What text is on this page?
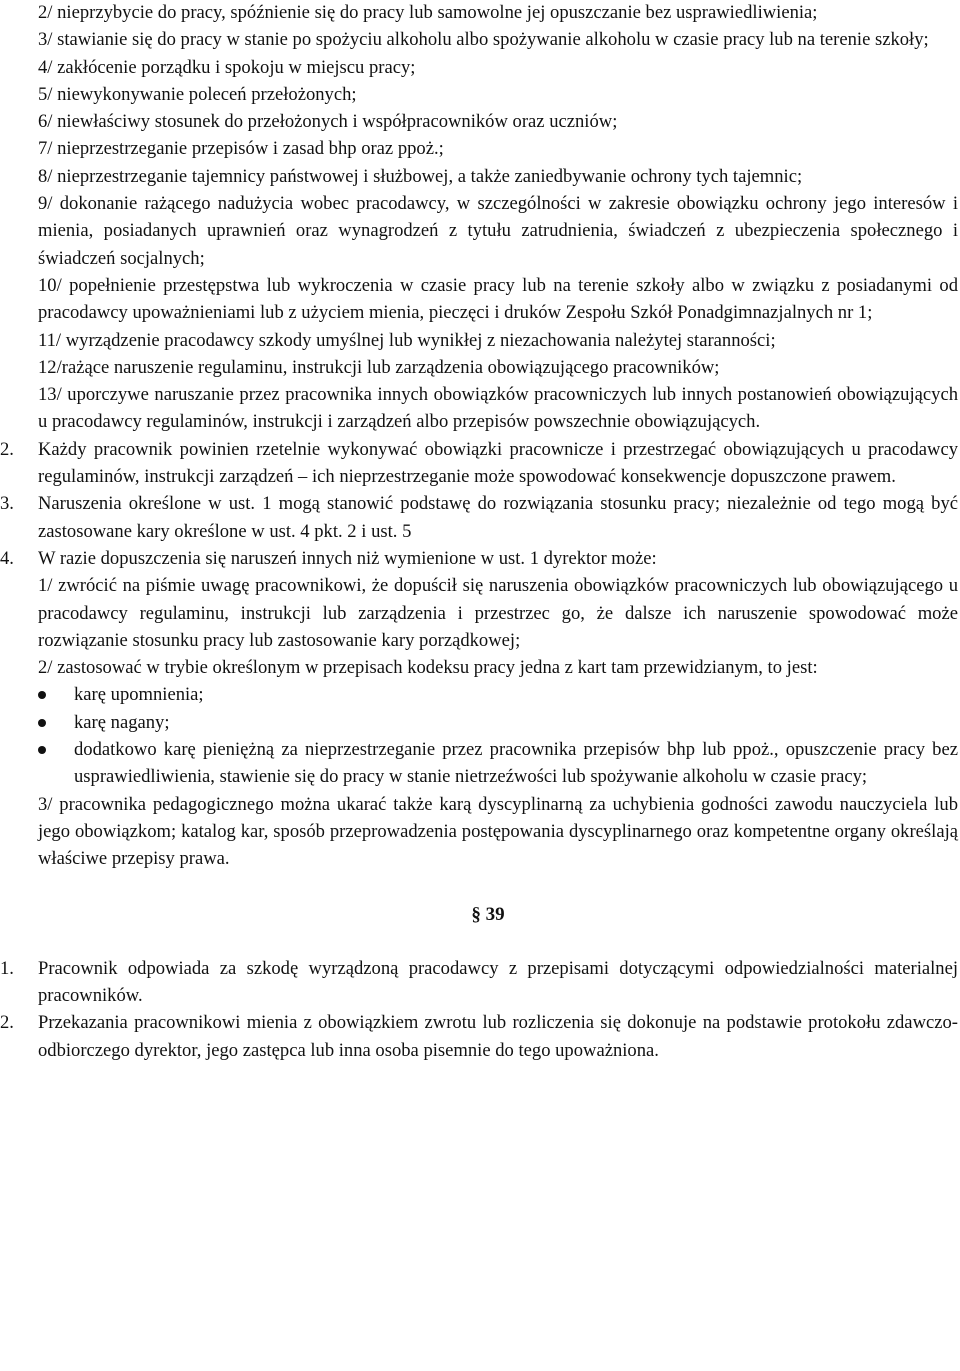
2/ nieprzybycie do pracy, spóźnienie się do pracy lub samowolne jej opuszczanie bez usprawiedliwienia;

3/ stawianie się do pracy w stanie po spożyciu alkoholu albo spożywanie alkoholu w czasie pracy lub na terenie szkoły;

4/ zakłócenie porządku i spokoju w miejscu pracy;

5/ niewykonywanie poleceń przełożonych;

6/ niewłaściwy stosunek do przełożonych i współpracowników oraz uczniów;

7/ nieprzestrzeganie przepisów i zasad bhp oraz ppoż.;

8/ nieprzestrzeganie tajemnicy państwowej i służbowej, a także zaniedbywanie ochrony tych tajemnic;

9/ dokonanie rażącego nadużycia wobec pracodawcy, w szczególności w zakresie obowiązku ochrony jego interesów i mienia, posiadanych uprawnień oraz wynagrodzeń z tytułu zatrudnienia, świadczeń z ubezpieczenia społecznego i świadczeń socjalnych;

10/ popełnienie przestępstwa lub wykroczenia w czasie pracy lub na terenie szkoły albo w związku z posiadanymi od pracodawcy upoważnieniami lub z użyciem mienia, pieczęci i druków Zespołu Szkół Ponadgimnazjalnych nr 1;

11/ wyrządzenie pracodawcy szkody umyślnej lub wynikłej z niezachowania należytej staranności;

12/rażące naruszenie regulaminu, instrukcji lub zarządzenia obowiązującego pracowników;

13/ uporczywe naruszanie przez pracownika innych obowiązków pracowniczych lub innych postanowień obowiązujących u pracodawcy regulaminów, instrukcji i zarządzeń albo przepisów powszechnie obowiązujących.

2.	Każdy pracownik powinien rzetelnie wykonywać obowiązki pracownicze i przestrzegać obowiązujących u pracodawcy regulaminów, instrukcji zarządzeń – ich nieprzestrzeganie może spowodować konsekwencje dopuszczone prawem.
3.	Naruszenia określone w ust. 1 mogą stanowić podstawę do rozwiązania stosunku pracy; niezależnie od tego mogą być zastosowane kary określone w ust. 4 pkt. 2 i ust. 5
4.	W razie dopuszczenia się naruszeń innych niż wymienione w ust. 1 dyrektor może:

1/ zwrócić na piśmie uwagę pracownikowi, że dopuścił się naruszenia obowiązków pracowniczych lub obowiązującego u pracodawcy regulaminu, instrukcji lub zarządzenia i przestrzec go, że dalsze ich naruszenie spowodować może rozwiązanie stosunku pracy lub zastosowanie kary porządkowej;

2/ zastosować w trybie określonym w przepisach kodeksu pracy jedna z kart tam przewidzianym, to jest:

karę upomnienia;
karę nagany;
dodatkowo karę pieniężną za nieprzestrzeganie przez pracownika przepisów bhp lub ppoż., opuszczenie pracy bez usprawiedliwienia, stawienie się do pracy w stanie nietrzeźwości lub spożywanie alkoholu w czasie pracy;

3/ pracownika pedagogicznego można ukarać także karą dyscyplinarną za uchybienia godności zawodu nauczyciela lub jego obowiązkom; katalog kar, sposób przeprowadzenia postępowania dyscyplinarnego oraz kompetentne organy określają właściwe przepisy prawa.

§ 39
1.	Pracownik odpowiada za szkodę wyrządzoną pracodawcy z przepisami dotyczącymi odpowiedzialności materialnej pracowników.
2.	Przekazania pracownikowi mienia z obowiązkiem zwrotu lub rozliczenia się dokonuje na podstawie protokołu zdawczo-odbiorczego dyrektor, jego zastępca lub inna osoba pisemnie do tego upoważniona.
